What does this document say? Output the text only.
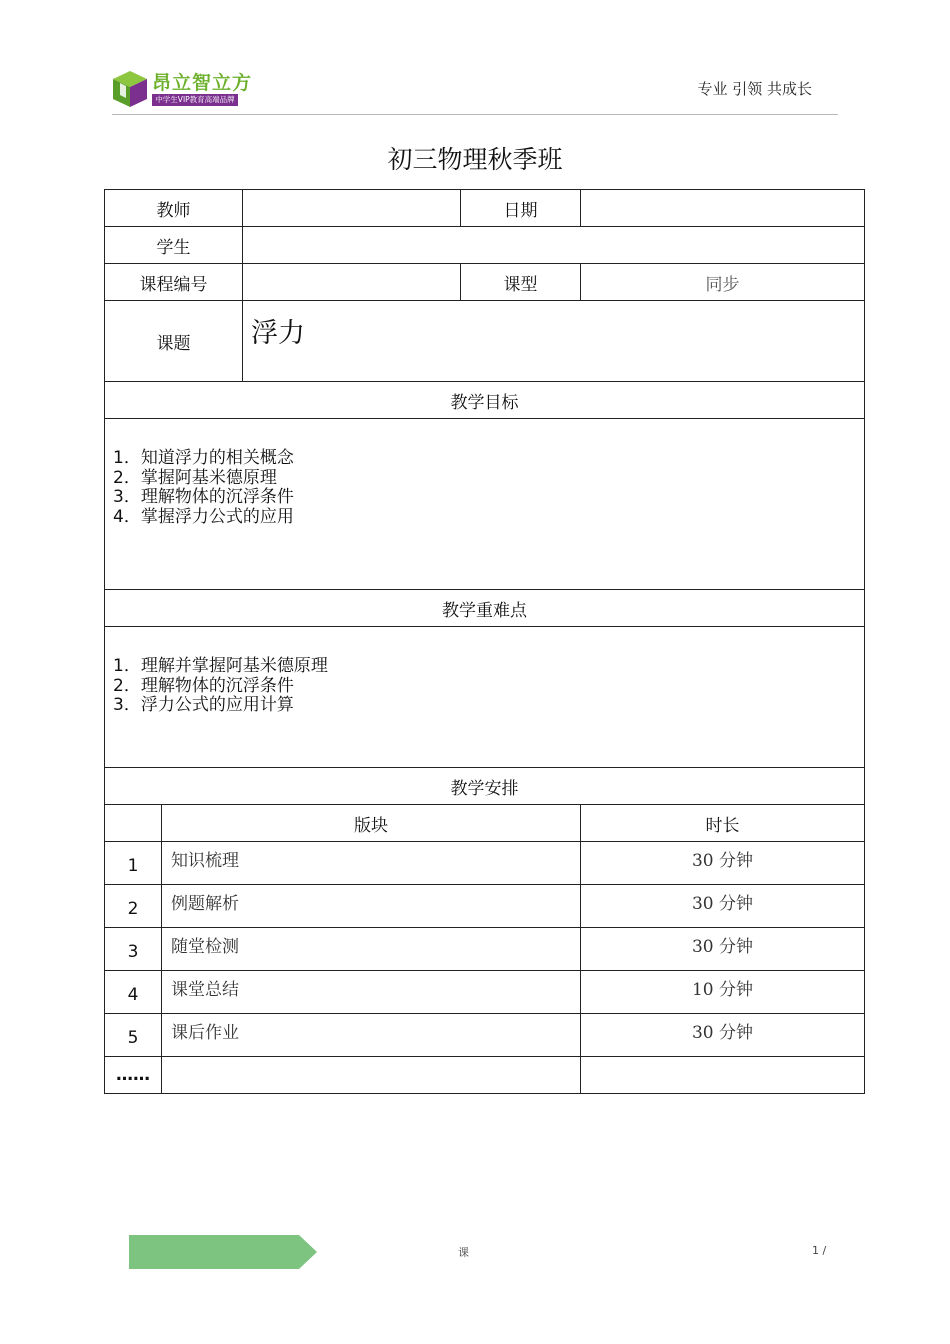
昂立智立方
中学生VIP教育高端品牌
专业 引领 共成长
初三物理秋季班
教师			日期	
学生				
课程编号			课型	同步
课题		浮力		

教学目标				

1．知道浮力的相关概念
2．掌握阿基米德原理
3．理解物体的沉浮条件
4．掌握浮力公式的应用				

教学重难点				

1．理解并掌握阿基米德原理
2．理解物体的沉浮条件
3．浮力公式的应用计算				

教学安排				
	版块			时长
1	知识梳理			30 分钟
2	例题解析			30 分钟
3	随堂检测			30 分钟
4	课堂总结			10 分钟
5	课后作业			30 分钟
……				
课	1 /
